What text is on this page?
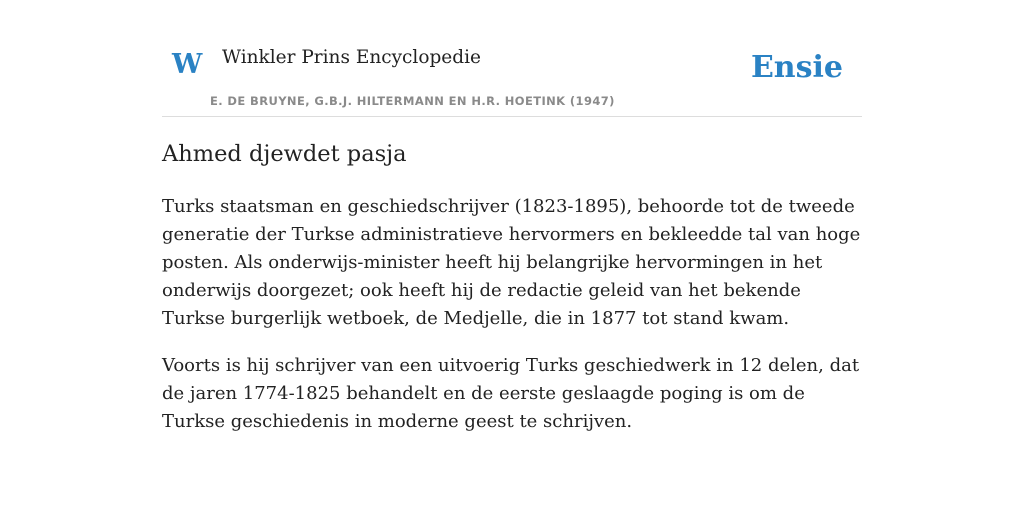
W Winkler Prins Encyclopedie
E. DE BRUYNE, G.B.J. HILTERMANN EN H.R. HOETINK (1947)
Ensie
Ahmed djewdet pasja

Turks staatsman en geschiedschrijver (1823-1895), behoorde tot de tweede generatie der Turkse administratieve hervormers en bekleedde tal van hoge posten. Als onderwijs-minister heeft hij belangrijke hervormingen in het onderwijs doorgezet; ook heeft hij de redactie geleid van het bekende Turkse burgerlijk wetboek, de Medjelle, die in 1877 tot stand kwam.

Voorts is hij schrijver van een uitvoerig Turks geschiedwerk in 12 delen, dat de jaren 1774-1825 behandelt en de eerste geslaagde poging is om de Turkse geschiedenis in moderne geest te schrijven.
